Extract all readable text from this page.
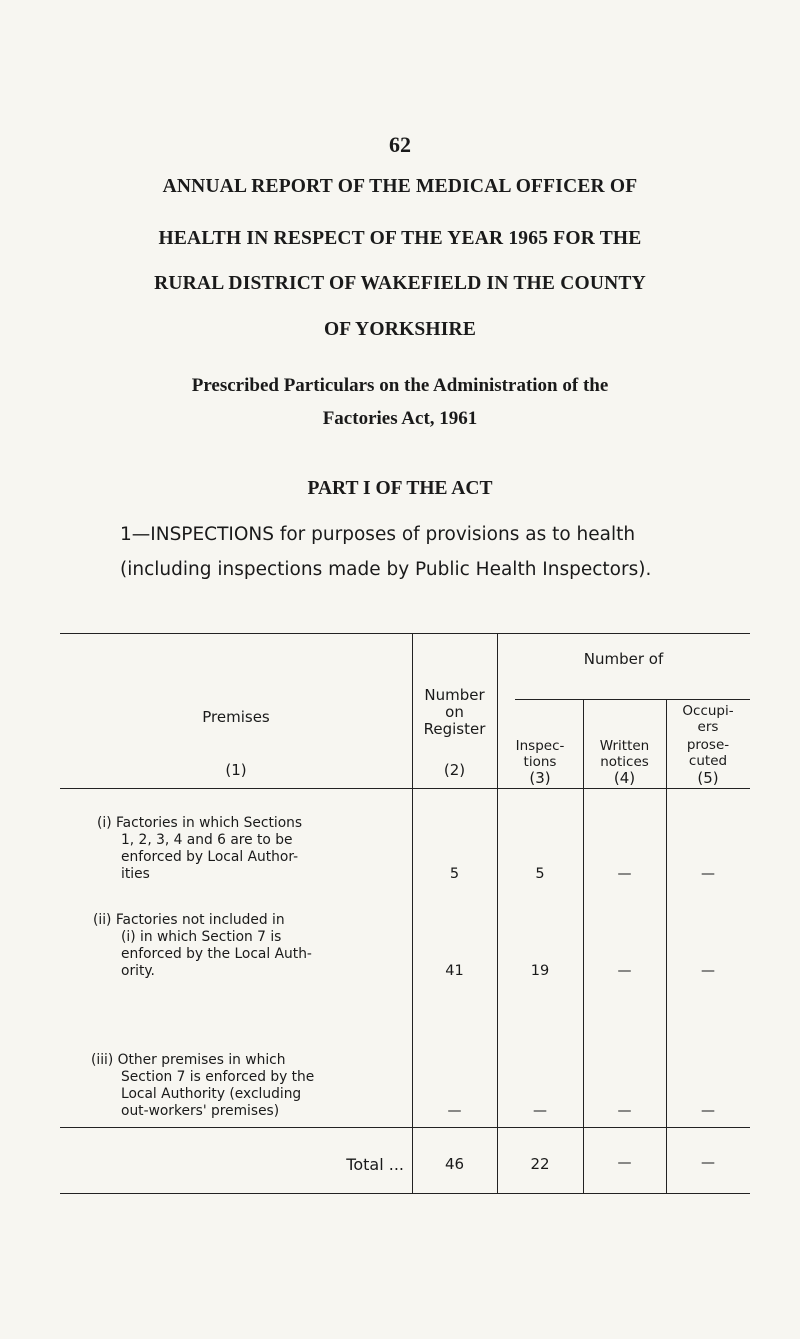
62
ANNUAL REPORT OF THE MEDICAL OFFICER OF
HEALTH IN RESPECT OF THE YEAR 1965 FOR THE
RURAL DISTRICT OF WAKEFIELD IN THE COUNTY
OF YORKSHIRE
Prescribed Particulars on the Administration of the
Factories Act, 1961
PART I OF THE ACT
1—INSPECTIONS for purposes of provisions as to health (including inspections made by Public Health Inspectors).
Premises
(1)
Number
on
Register
(2)
Number of
Inspec-
tions
(3)
Written
notices
(4)
Occupi-
ers
prose-
cuted
(5)
(i) Factories in which Sections
1, 2, 3, 4 and 6 are to be
enforced by Local Author-
ities	5	5	—	—
(ii) Factories not included in
(i) in which Section 7 is
enforced by the Local Auth-
ority.	41	19	—	—
(iii) Other premises in which
Section 7 is enforced by the
Local Authority (excluding
out-workers' premises)	—	—	—	—
Total ...	46	22	—	—
